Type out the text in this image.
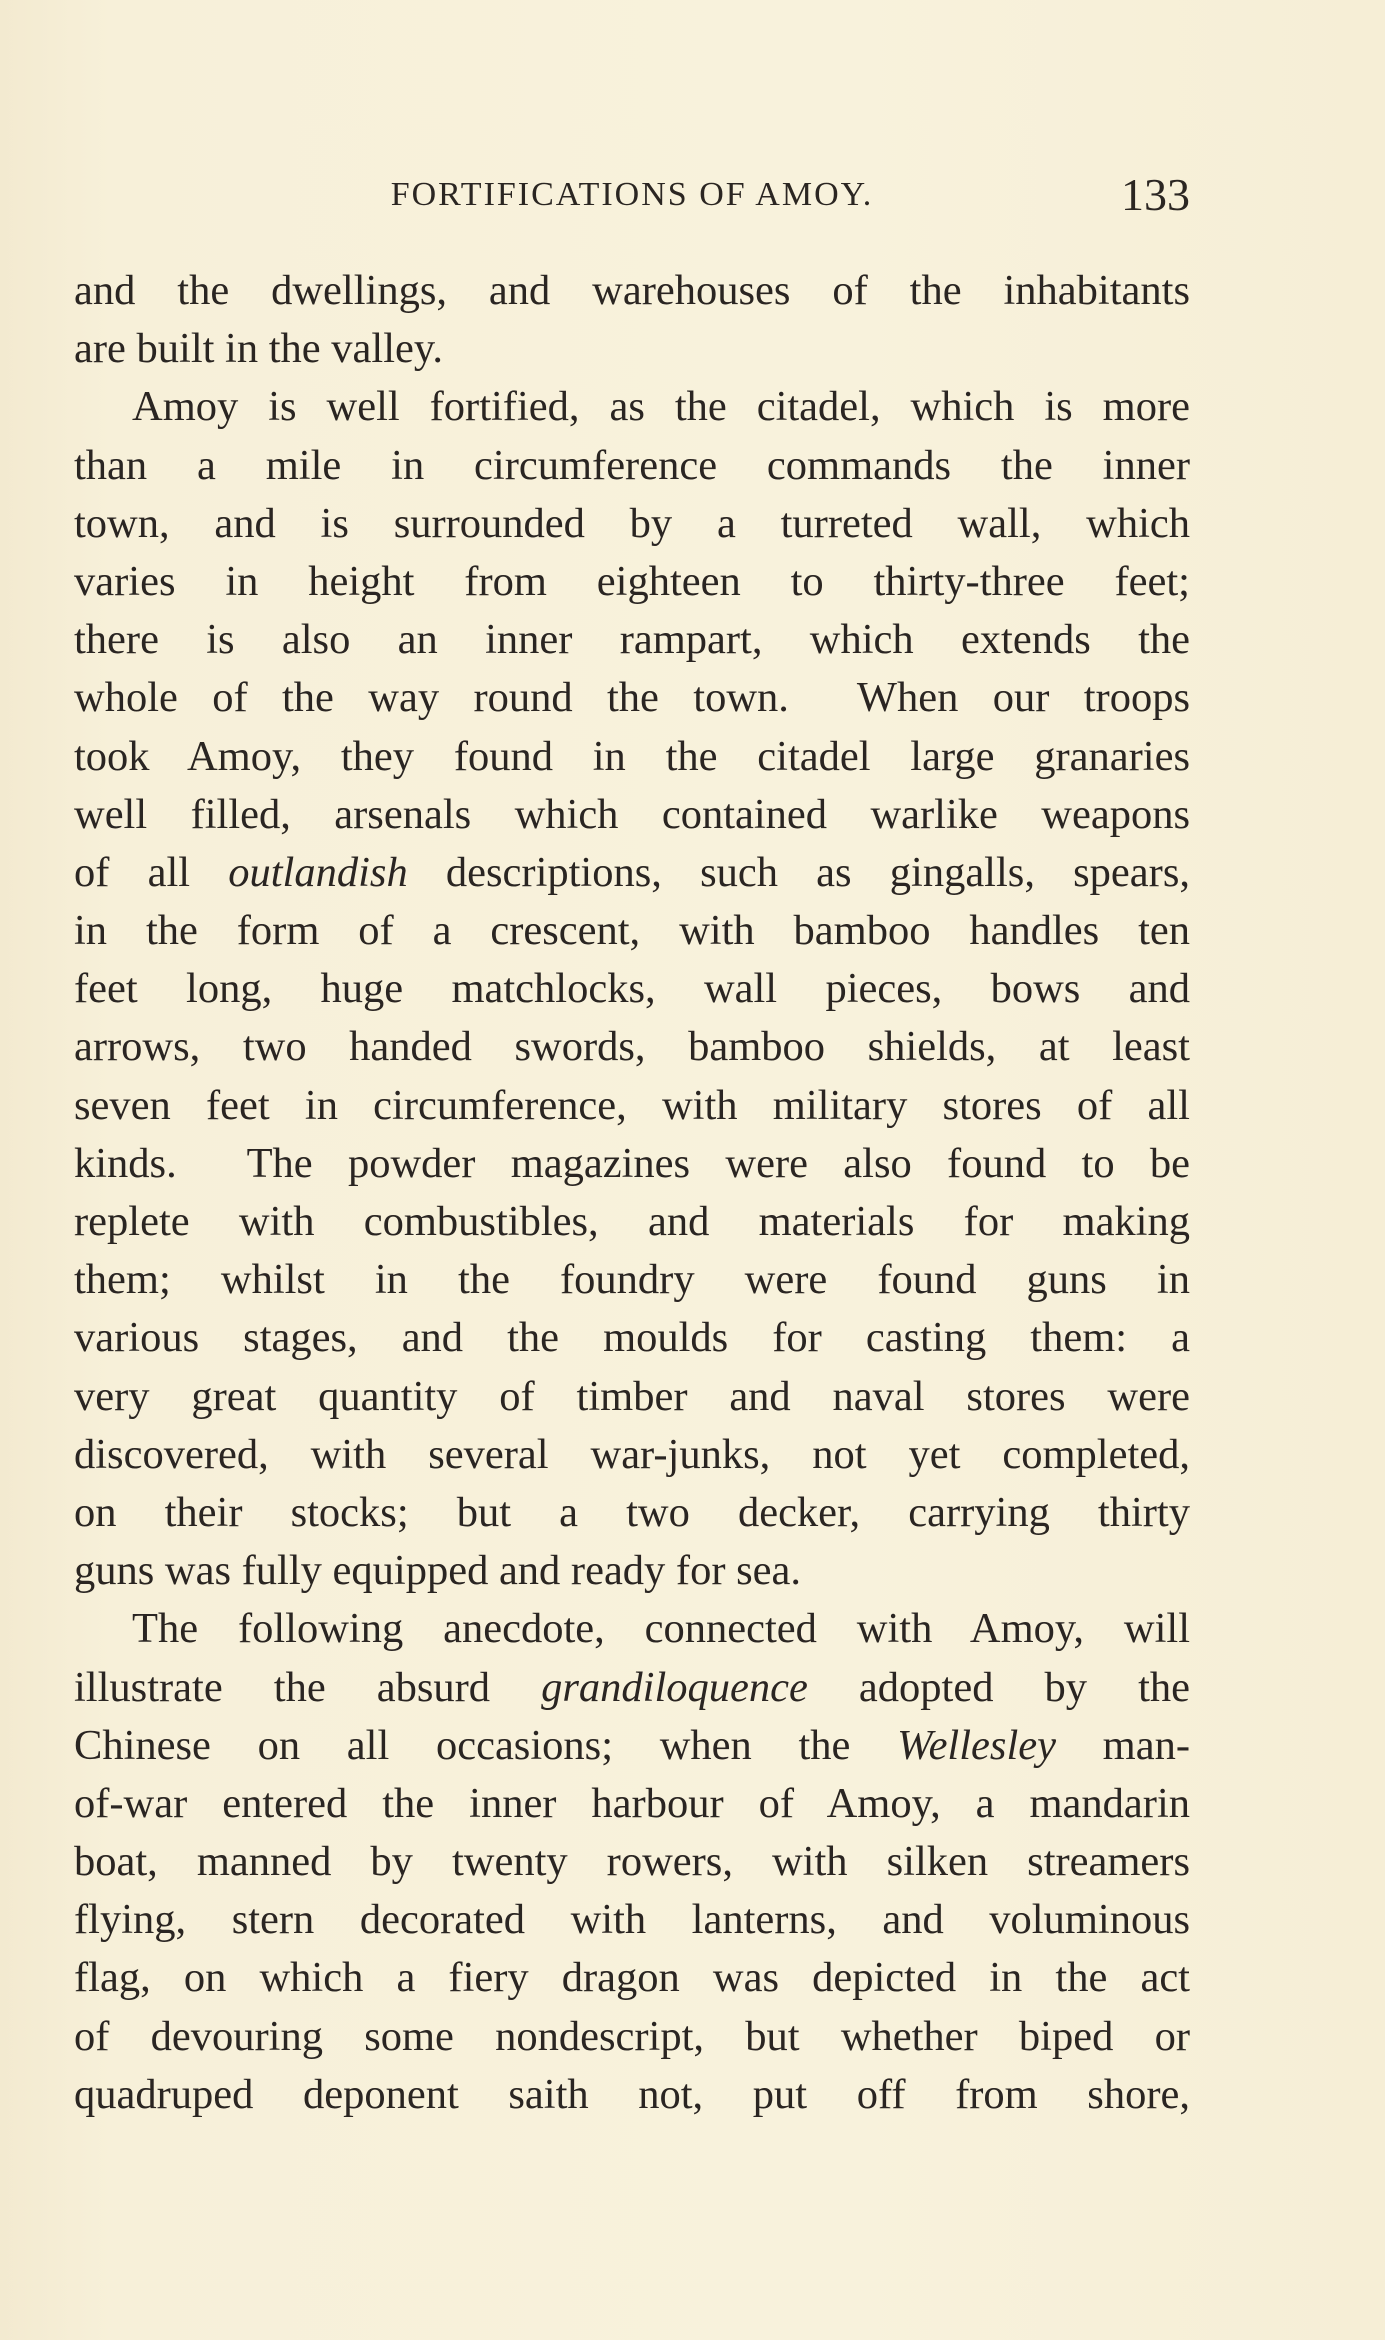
FORTIFICATIONS OF AMOY.	133
and the dwellings, and warehouses of the inhabitants
are built in the valley.
Amoy is well fortified, as the citadel, which is more
than a mile in circumference commands the inner
town, and is surrounded by a turreted wall, which
varies in height from eighteen to thirty-three feet;
there is also an inner rampart, which extends the
whole of the way round the town.  When our troops
took Amoy, they found in the citadel large granaries
well filled, arsenals which contained warlike weapons
of all outlandish descriptions, such as gingalls, spears,
in the form of a crescent, with bamboo handles ten
feet long, huge matchlocks, wall pieces, bows and
arrows, two handed swords, bamboo shields, at least
seven feet in circumference, with military stores of all
kinds.  The powder magazines were also found to be
replete with combustibles, and materials for making
them; whilst in the foundry were found guns in
various stages, and the moulds for casting them: a
very great quantity of timber and naval stores were
discovered, with several war-junks, not yet completed,
on their stocks; but a two decker, carrying thirty
guns was fully equipped and ready for sea.
The following anecdote, connected with Amoy, will
illustrate the absurd grandiloquence adopted by the
Chinese on all occasions; when the Wellesley man-
of-war entered the inner harbour of Amoy, a mandarin
boat, manned by twenty rowers, with silken streamers
flying, stern decorated with lanterns, and voluminous
flag, on which a fiery dragon was depicted in the act
of devouring some nondescript, but whether biped or
quadruped deponent saith not, put off from shore,
